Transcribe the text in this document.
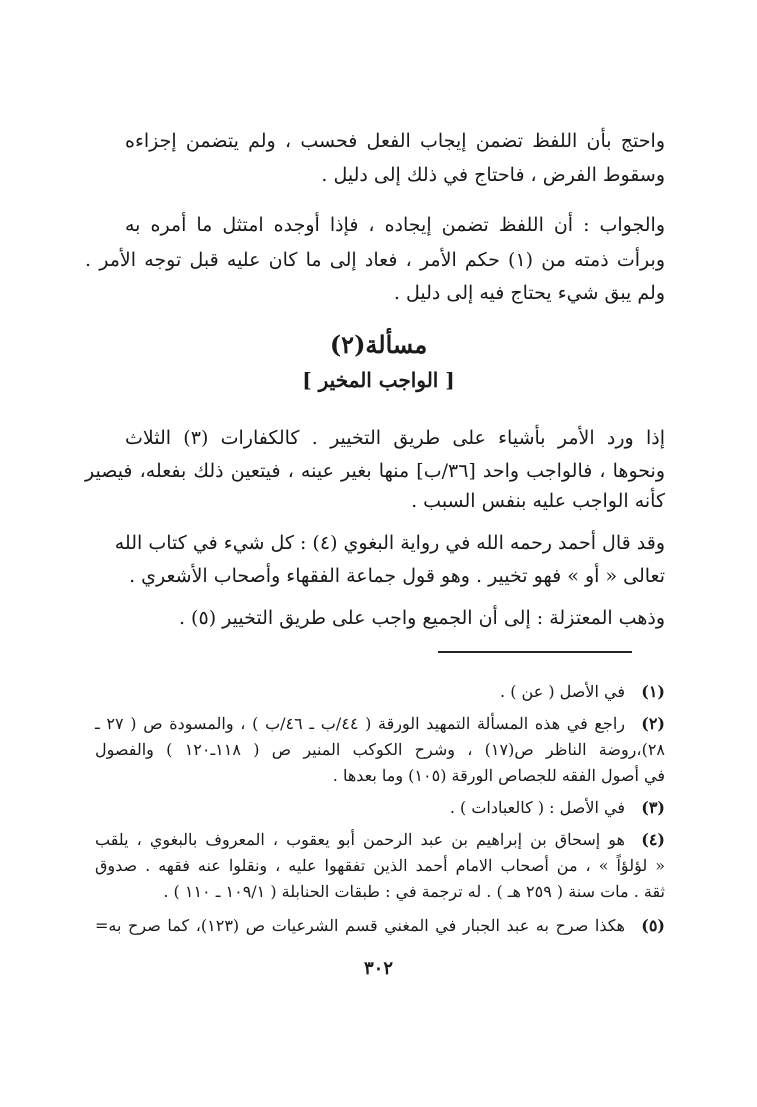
واحتج بأن اللفظ تضمن إيجاب الفعل فحسب ، ولم يتضمن إجزاءه
وسقوط الفرض ، فاحتاج في ذلك إلى دليل .
والجواب : أن اللفظ تضمن إيجاده ، فإذا أوجده امتثل ما أمره به
وبرأت ذمته من (١) حكم الأمر ، فعاد إلى ما كان عليه قبل توجه الأمر .
ولم يبق شيء يحتاج فيه إلى دليل .
مسألة(٢)
[ الواجب المخير ]
إذا ورد الأمر بأشياء على طريق التخيير . كالكفارات (٣) الثلاث
ونحوها ، فالواجب واحد [٣٦/ب] منها بغير عينه ، فيتعين ذلك بفعله، فيصير
كأنه الواجب عليه بنفس السبب .
وقد قال أحمد رحمه الله في رواية البغوي (٤) : كل شيء في كتاب الله
تعالى « أو » فهو تخيير . وهو قول جماعة الفقهاء وأصحاب الأشعري .
وذهب المعتزلة : إلى أن الجميع واجب على طريق التخيير (٥) .
(١)
في الأصل ( عن ) .
(٢)
راجع في هذه المسألة التمهيد الورقة ( ٤٤/ب ـ ٤٦/ب ) ، والمسودة ص ( ٢٧ ـ
٢٨)،روضة الناظر ص(١٧) ، وشرح الكوكب المنير ص ( ١١٨ـ١٢٠ ) والفصول
في أصول الفقه للجصاص الورقة (١٠٥) وما بعدها .
(٣)
في الأصل : ( كالعبادات ) .
(٤)
هو إسحاق بن إبراهيم بن عبد الرحمن أبو يعقوب ، المعروف بالبغوي ، يلقب
« لؤلؤاً » ، من أصحاب الامام أحمد الذين تفقهوا عليه ، ونقلوا عنه فقهه . صدوق
ثقة . مات سنة ( ٢٥٩ هـ ) . له ترجمة في : طبقات الحنابلة ( ١٠٩/١ ـ ١١٠ ) .
(٥)
هكذا صرح به عبد الجبار في المغني قسم الشرعيات ص (١٢٣)، كما صرح به=
٣٠٢
